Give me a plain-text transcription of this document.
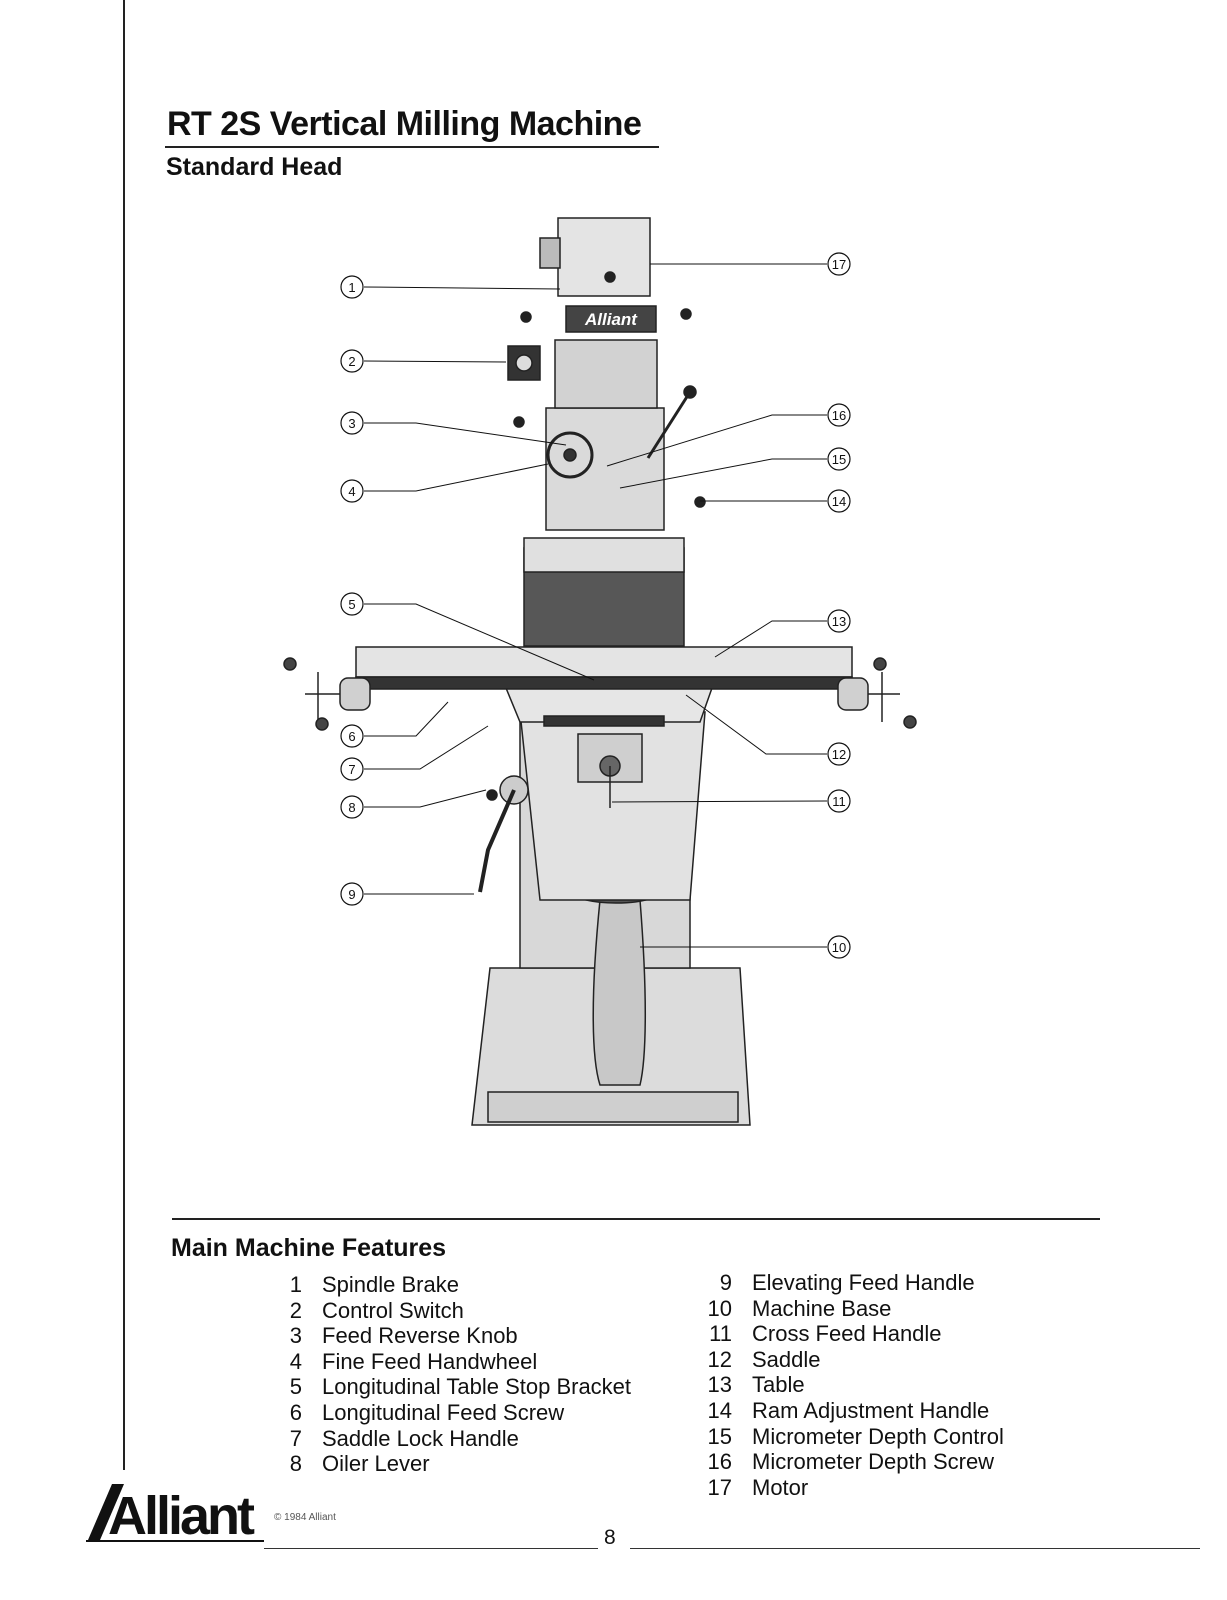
RT 2S Vertical Milling Machine
Standard Head
Alliant
1
2
3
4
5
6
7
8
9
10
11
12
13
14
15
16
17
Main Machine Features
1 Spindle Brake
2 Control Switch
3 Feed Reverse Knob
4 Fine Feed Handwheel
5 Longitudinal Table Stop Bracket
6 Longitudinal Feed Screw
7 Saddle Lock Handle
8 Oiler Lever
9 Elevating Feed Handle
10 Machine Base
11 Cross Feed Handle
12 Saddle
13 Table
14 Ram Adjustment Handle
15 Micrometer Depth Control
16 Micrometer Depth Screw
17 Motor
Alliant	© 1984 Alliant
8
